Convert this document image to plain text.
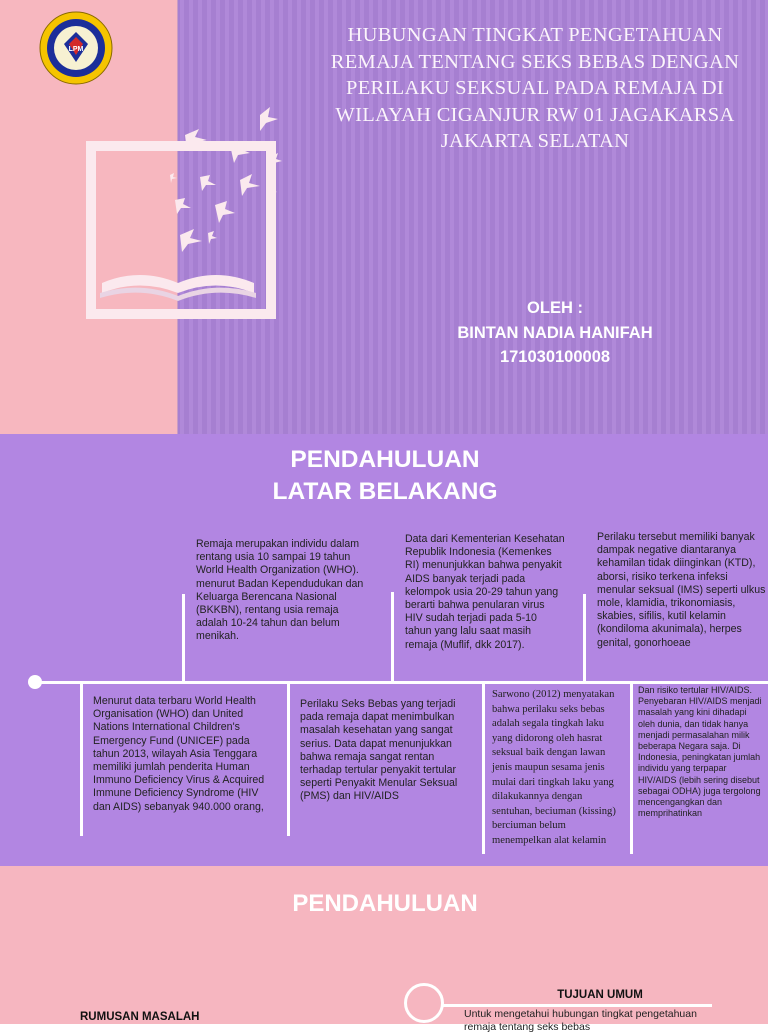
LPM
HUBUNGAN TINGKAT PENGETAHUAN REMAJA TENTANG SEKS BEBAS DENGAN PERILAKU SEKSUAL PADA REMAJA DI WILAYAH CIGANJUR RW 01 JAGAKARSA JAKARTA SELATAN
OLEH :
BINTAN NADIA HANIFAH
171030100008
PENDAHULUAN
LATAR BELAKANG
Remaja merupakan individu dalam rentang usia 10 sampai 19 tahun World Health Organization (WHO). menurut Badan Kependudukan dan Keluarga Berencana Nasional (BKKBN), rentang usia remaja adalah 10-24 tahun dan belum menikah.
Data dari Kementerian Kesehatan Republik Indonesia (Kemenkes RI) menunjukkan bahwa penyakit AIDS banyak terjadi pada kelompok usia 20-29 tahun yang berarti bahwa penularan virus HIV sudah terjadi pada 5-10 tahun yang lalu saat masih remaja (Muflif, dkk 2017).
Perilaku tersebut memiliki banyak dampak negative diantaranya kehamilan tidak diinginkan (KTD), aborsi, risiko terkena infeksi menular seksual (IMS) seperti ulkus mole, klamidia, trikonomiasis, skabies, sifilis, kutil kelamin (kondiloma akunimala), herpes genital, gonorhoeae
Menurut data terbaru World Health Organisation (WHO) dan United Nations International Children's Emergency Fund (UNICEF) pada tahun 2013, wilayah Asia Tenggara memiliki jumlah penderita Human Immuno Deficiency Virus & Acquired Immune Deficiency Syndrome (HIV dan AIDS) sebanyak 940.000 orang,
Perilaku Seks Bebas yang terjadi pada remaja dapat menimbulkan masalah kesehatan yang sangat serius. Data dapat menunjukkan bahwa remaja sangat rentan terhadap tertular penyakit tertular seperti Penyakit Menular Seksual (PMS) dan HIV/AIDS
Sarwono (2012) menyatakan bahwa perilaku seks bebas adalah segala tingkah laku yang didorong oleh hasrat seksual baik dengan lawan jenis maupun sesama jenis mulai dari tingkah laku yang dilakukannya dengan sentuhan, beciuman (kissing) berciuman belum menempelkan alat kelamin
Dan risiko tertular HIV/AIDS. Penyebaran HIV/AIDS menjadi masalah yang kini dihadapi oleh dunia, dan tidak hanya menjadi permasalahan milik beberapa Negara saja. Di Indonesia, peningkatan jumlah individu yang terpapar HIV/AIDS (lebih sering disebut sebagai ODHA) juga tergolong mencengangkan dan memprihatinkan
PENDAHULUAN
TUJUAN UMUM
Untuk mengetahui hubungan tingkat pengetahuan remaja tentang seks bebas
RUMUSAN MASALAH
